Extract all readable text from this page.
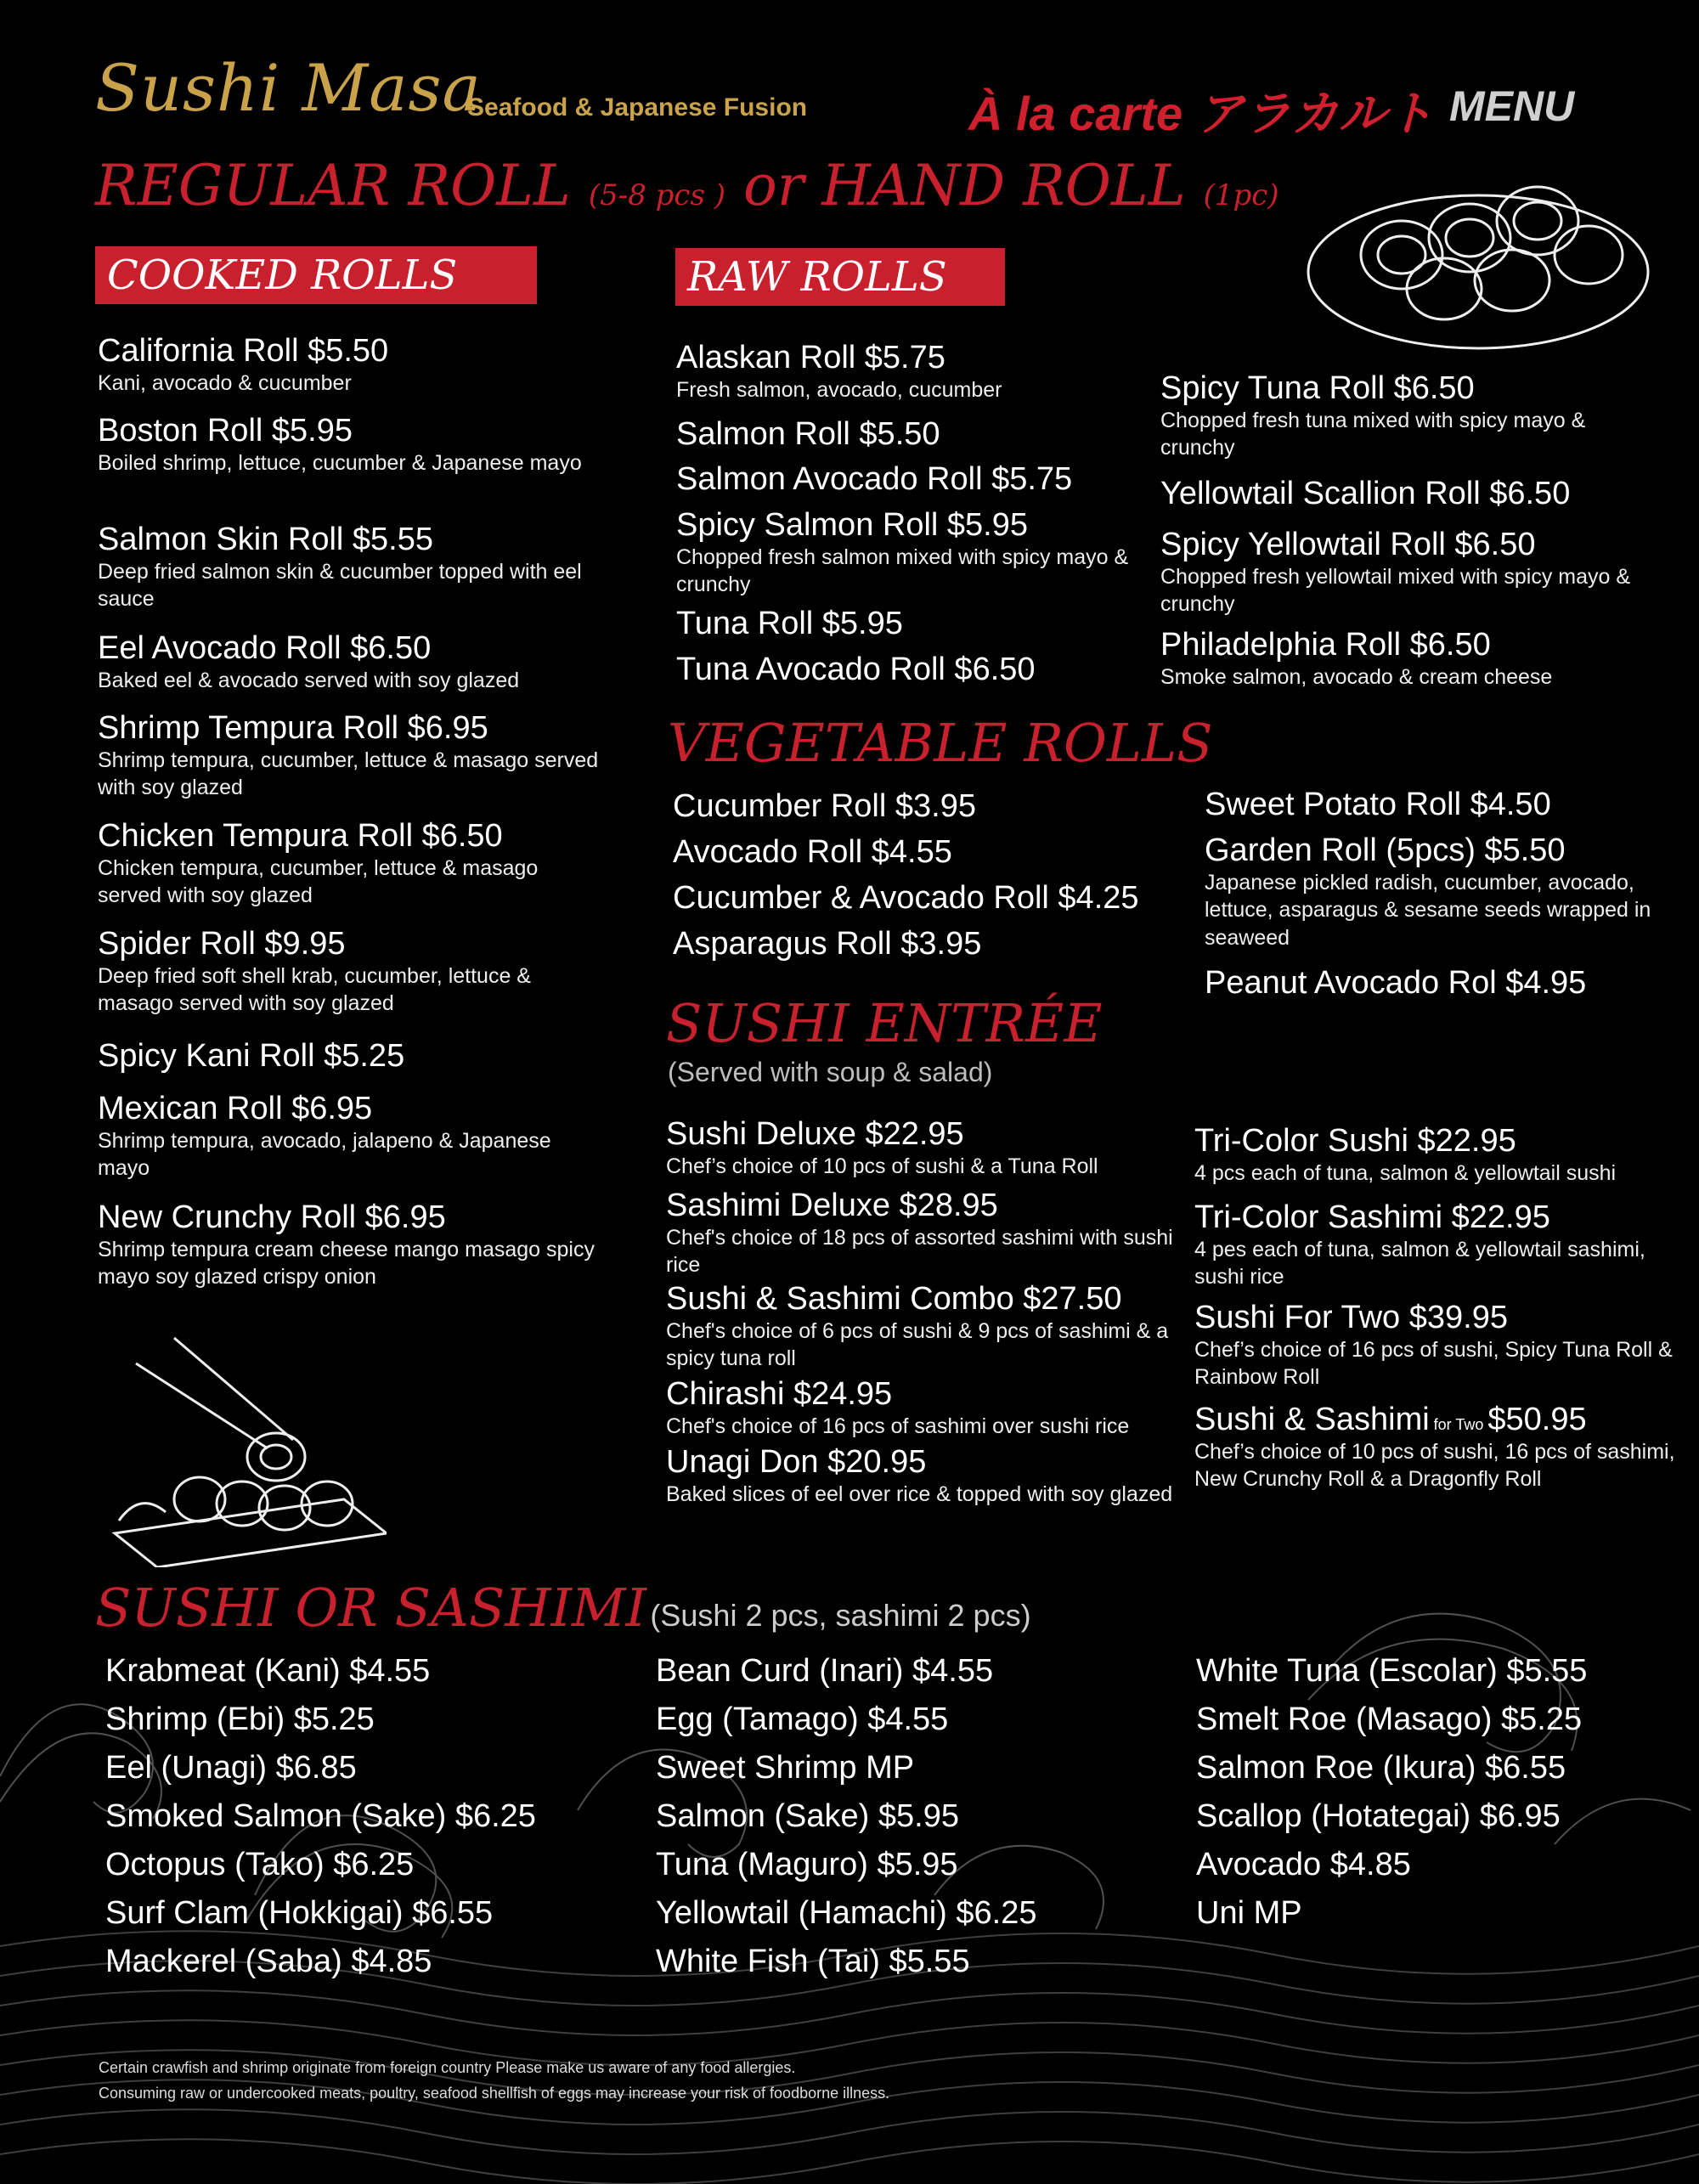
Sushi Masa
Seafood & Japanese Fusion	À la carte アラカルト MENU
REGULAR ROLL (5-8 pcs ) or HAND ROLL (1pc)
COOKED ROLLS
California Roll $5.50
Kani, avocado & cucumber
Boston Roll $5.95
Boiled shrimp, lettuce, cucumber & Japanese mayo
Salmon Skin Roll $5.55
Deep fried salmon skin & cucumber topped with eel sauce
Eel Avocado Roll $6.50
Baked eel & avocado served with soy glazed
Shrimp Tempura Roll $6.95
Shrimp tempura, cucumber, lettuce & masago served with soy glazed
Chicken Tempura Roll $6.50
Chicken tempura, cucumber, lettuce & masago served with soy glazed
Spider Roll $9.95
Deep fried soft shell krab, cucumber, lettuce & masago served with soy glazed
Spicy Kani Roll $5.25
Mexican Roll $6.95
Shrimp tempura, avocado, jalapeno & Japanese mayo
New Crunchy Roll $6.95
Shrimp tempura cream cheese mango masago spicy mayo soy glazed crispy onion
RAW ROLLS
Alaskan Roll $5.75
Fresh salmon, avocado, cucumber
Salmon Roll $5.50
Salmon Avocado Roll $5.75
Spicy Salmon Roll $5.95
Chopped fresh salmon mixed with spicy mayo & crunchy
Tuna Roll $5.95
Tuna Avocado Roll $6.50
Spicy Tuna Roll $6.50
Chopped fresh tuna mixed with spicy mayo & crunchy
Yellowtail Scallion Roll $6.50
Spicy Yellowtail Roll $6.50
Chopped fresh yellowtail mixed with spicy mayo & crunchy
Philadelphia Roll $6.50
Smoke salmon, avocado & cream cheese
VEGETABLE ROLLS
Cucumber Roll $3.95
Avocado Roll $4.55
Cucumber & Avocado Roll $4.25
Asparagus Roll $3.95
Sweet Potato Roll $4.50
Garden Roll (5pcs) $5.50
Japanese pickled radish, cucumber, avocado, lettuce, asparagus & sesame seeds wrapped in seaweed
Peanut Avocado Rol $4.95
SUSHI ENTRÉE
(Served with soup & salad)
Sushi Deluxe $22.95
Chef’s choice of 10 pcs of sushi & a Tuna Roll
Sashimi Deluxe $28.95
Chef's choice of 18 pcs of assorted sashimi with sushi rice
Sushi & Sashimi Combo $27.50
Chef's choice of 6 pcs of sushi & 9 pcs of sashimi & a spicy tuna roll
Chirashi $24.95
Chef's choice of 16 pcs of sashimi over sushi rice
Unagi Don $20.95
Baked slices of eel over rice & topped with soy glazed
Tri-Color Sushi $22.95
4 pcs each of tuna, salmon & yellowtail sushi
Tri-Color Sashimi $22.95
4 pes each of tuna, salmon & yellowtail sashimi, sushi rice
Sushi For Two $39.95
Chef’s choice of 16 pcs of sushi, Spicy Tuna Roll & Rainbow Roll
Sushi & Sashimi for Two $50.95
Chef’s choice of 10 pcs of sushi, 16 pcs of sashimi, New Crunchy Roll & a Dragonfly Roll
SUSHI OR SASHIMI (Sushi 2 pcs, sashimi 2 pcs)
Krabmeat (Kani) $4.55
Shrimp (Ebi) $5.25
Eel (Unagi) $6.85
Smoked Salmon (Sake) $6.25
Octopus (Tako) $6.25
Surf Clam (Hokkigai) $6.55
Mackerel (Saba) $4.85
Bean Curd (Inari) $4.55
Egg (Tamago) $4.55
Sweet Shrimp MP
Salmon (Sake) $5.95
Tuna (Maguro) $5.95
Yellowtail (Hamachi) $6.25
White Fish (Tai) $5.55
White Tuna (Escolar) $5.55
Smelt Roe (Masago) $5.25
Salmon Roe (Ikura) $6.55
Scallop (Hotategai) $6.95
Avocado $4.85
Uni MP
Certain crawfish and shrimp originate from foreign country Please make us aware of any food allergies.
Consuming raw or undercooked meats, poultry, seafood shellfish of eggs may increase your risk of foodborne illness.
